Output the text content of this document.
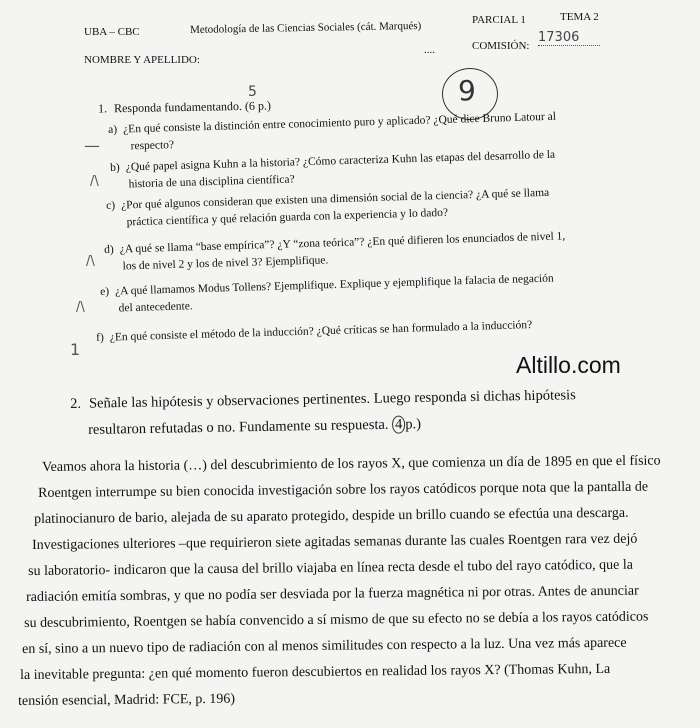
UBA – CBC	Metodología de las Ciencias Sociales (cát. Marqués)	PARCIAL 1	TEMA 2
NOMBRE Y APELLIDO:
....	COMISIÓN:
17306
9
1. Responda fundamentando. (6 p.)
5
—
a) ¿En qué consiste la distinción entre conocimiento puro y aplicado? ¿Qué dice Bruno Latour al
respecto?
/\
b) ¿Qué papel asigna Kuhn a la historia? ¿Cómo caracteriza Kuhn las etapas del desarrollo de la
historia de una disciplina científica?
c) ¿Por qué algunos consideran que existen una dimensión social de la ciencia? ¿A qué se llama
práctica científica y qué relación guarda con la experiencia y lo dado?
/\
d) ¿A qué se llama “base empírica”? ¿Y “zona teórica”? ¿En qué difieren los enunciados de nivel 1,
los de nivel 2 y los de nivel 3? Ejemplifique.
/\
e) ¿A qué llamamos Modus Tollens? Ejemplifique. Explique y ejemplifique la falacia de negación
del antecedente.
1
f) ¿En qué consiste el método de la inducción? ¿Qué críticas se han formulado a la inducción?
Altillo.com
2. Señale las hipótesis y observaciones pertinentes. Luego responda si dichas hipótesis
resultaron refutadas o no. Fundamente su respuesta. 4 p.)
Veamos ahora la historia (…) del descubrimiento de los rayos X, que comienza un día de 1895 en que el físico
Roentgen interrumpe su bien conocida investigación sobre los rayos catódicos porque nota que la pantalla de
platinocianuro de bario, alejada de su aparato protegido, despide un brillo cuando se efectúa una descarga.
Investigaciones ulteriores –que requirieron siete agitadas semanas durante las cuales Roentgen rara vez dejó
su laboratorio- indicaron que la causa del brillo viajaba en línea recta desde el tubo del rayo catódico, que la
radiación emitía sombras, y que no podía ser desviada por la fuerza magnética ni por otras. Antes de anunciar
su descubrimiento, Roentgen se había convencido a sí mismo de que su efecto no se debía a los rayos catódicos
en sí, sino a un nuevo tipo de radiación con al menos similitudes con respecto a la luz. Una vez más aparece
la inevitable pregunta: ¿en qué momento fueron descubiertos en realidad los rayos X? (Thomas Kuhn, La
tensión esencial, Madrid: FCE, p. 196)
